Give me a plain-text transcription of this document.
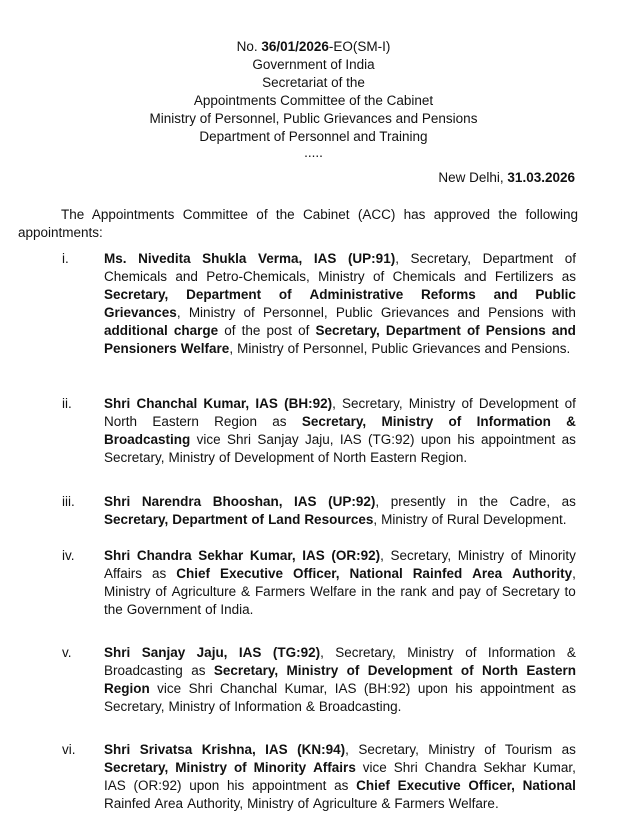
No. 36/01/2026-EO(SM-I)
Government of India
Secretariat of the
Appointments Committee of the Cabinet
Ministry of Personnel, Public Grievances and Pensions
Department of Personnel and Training
.....
New Delhi, 31.03.2026
The Appointments Committee of the Cabinet (ACC) has approved the following appointments:
i.	Ms. Nivedita Shukla Verma, IAS (UP:91), Secretary, Department of
Chemicals and Petro-Chemicals, Ministry of Chemicals and Fertilizers as
Secretary, Department of Administrative Reforms and Public
Grievances, Ministry of Personnel, Public Grievances and Pensions with
additional charge of the post of Secretary, Department of Pensions and
Pensioners Welfare, Ministry of Personnel, Public Grievances and Pensions.
ii. Shri Chanchal Kumar, IAS (BH:92), Secretary, Ministry of Development of
North Eastern Region as Secretary, Ministry of Information &
Broadcasting vice Shri Sanjay Jaju, IAS (TG:92) upon his appointment as
Secretary, Ministry of Development of North Eastern Region.
iii. Shri Narendra Bhooshan, IAS (UP:92), presently in the Cadre, as
Secretary, Department of Land Resources, Ministry of Rural Development.
iv. Shri Chandra Sekhar Kumar, IAS (OR:92), Secretary, Ministry of Minority
Affairs as Chief Executive Officer, National Rainfed Area Authority,
Ministry of Agriculture & Farmers Welfare in the rank and pay of Secretary to
the Government of India.
v. Shri Sanjay Jaju, IAS (TG:92), Secretary, Ministry of Information &
Broadcasting as Secretary, Ministry of Development of North Eastern
Region vice Shri Chanchal Kumar, IAS (BH:92) upon his appointment as
Secretary, Ministry of Information & Broadcasting.
vi. Shri Srivatsa Krishna, IAS (KN:94), Secretary, Ministry of Tourism as
Secretary, Ministry of Minority Affairs vice Shri Chandra Sekhar Kumar,
IAS (OR:92) upon his appointment as Chief Executive Officer, National
Rainfed Area Authority, Ministry of Agriculture & Farmers Welfare.
